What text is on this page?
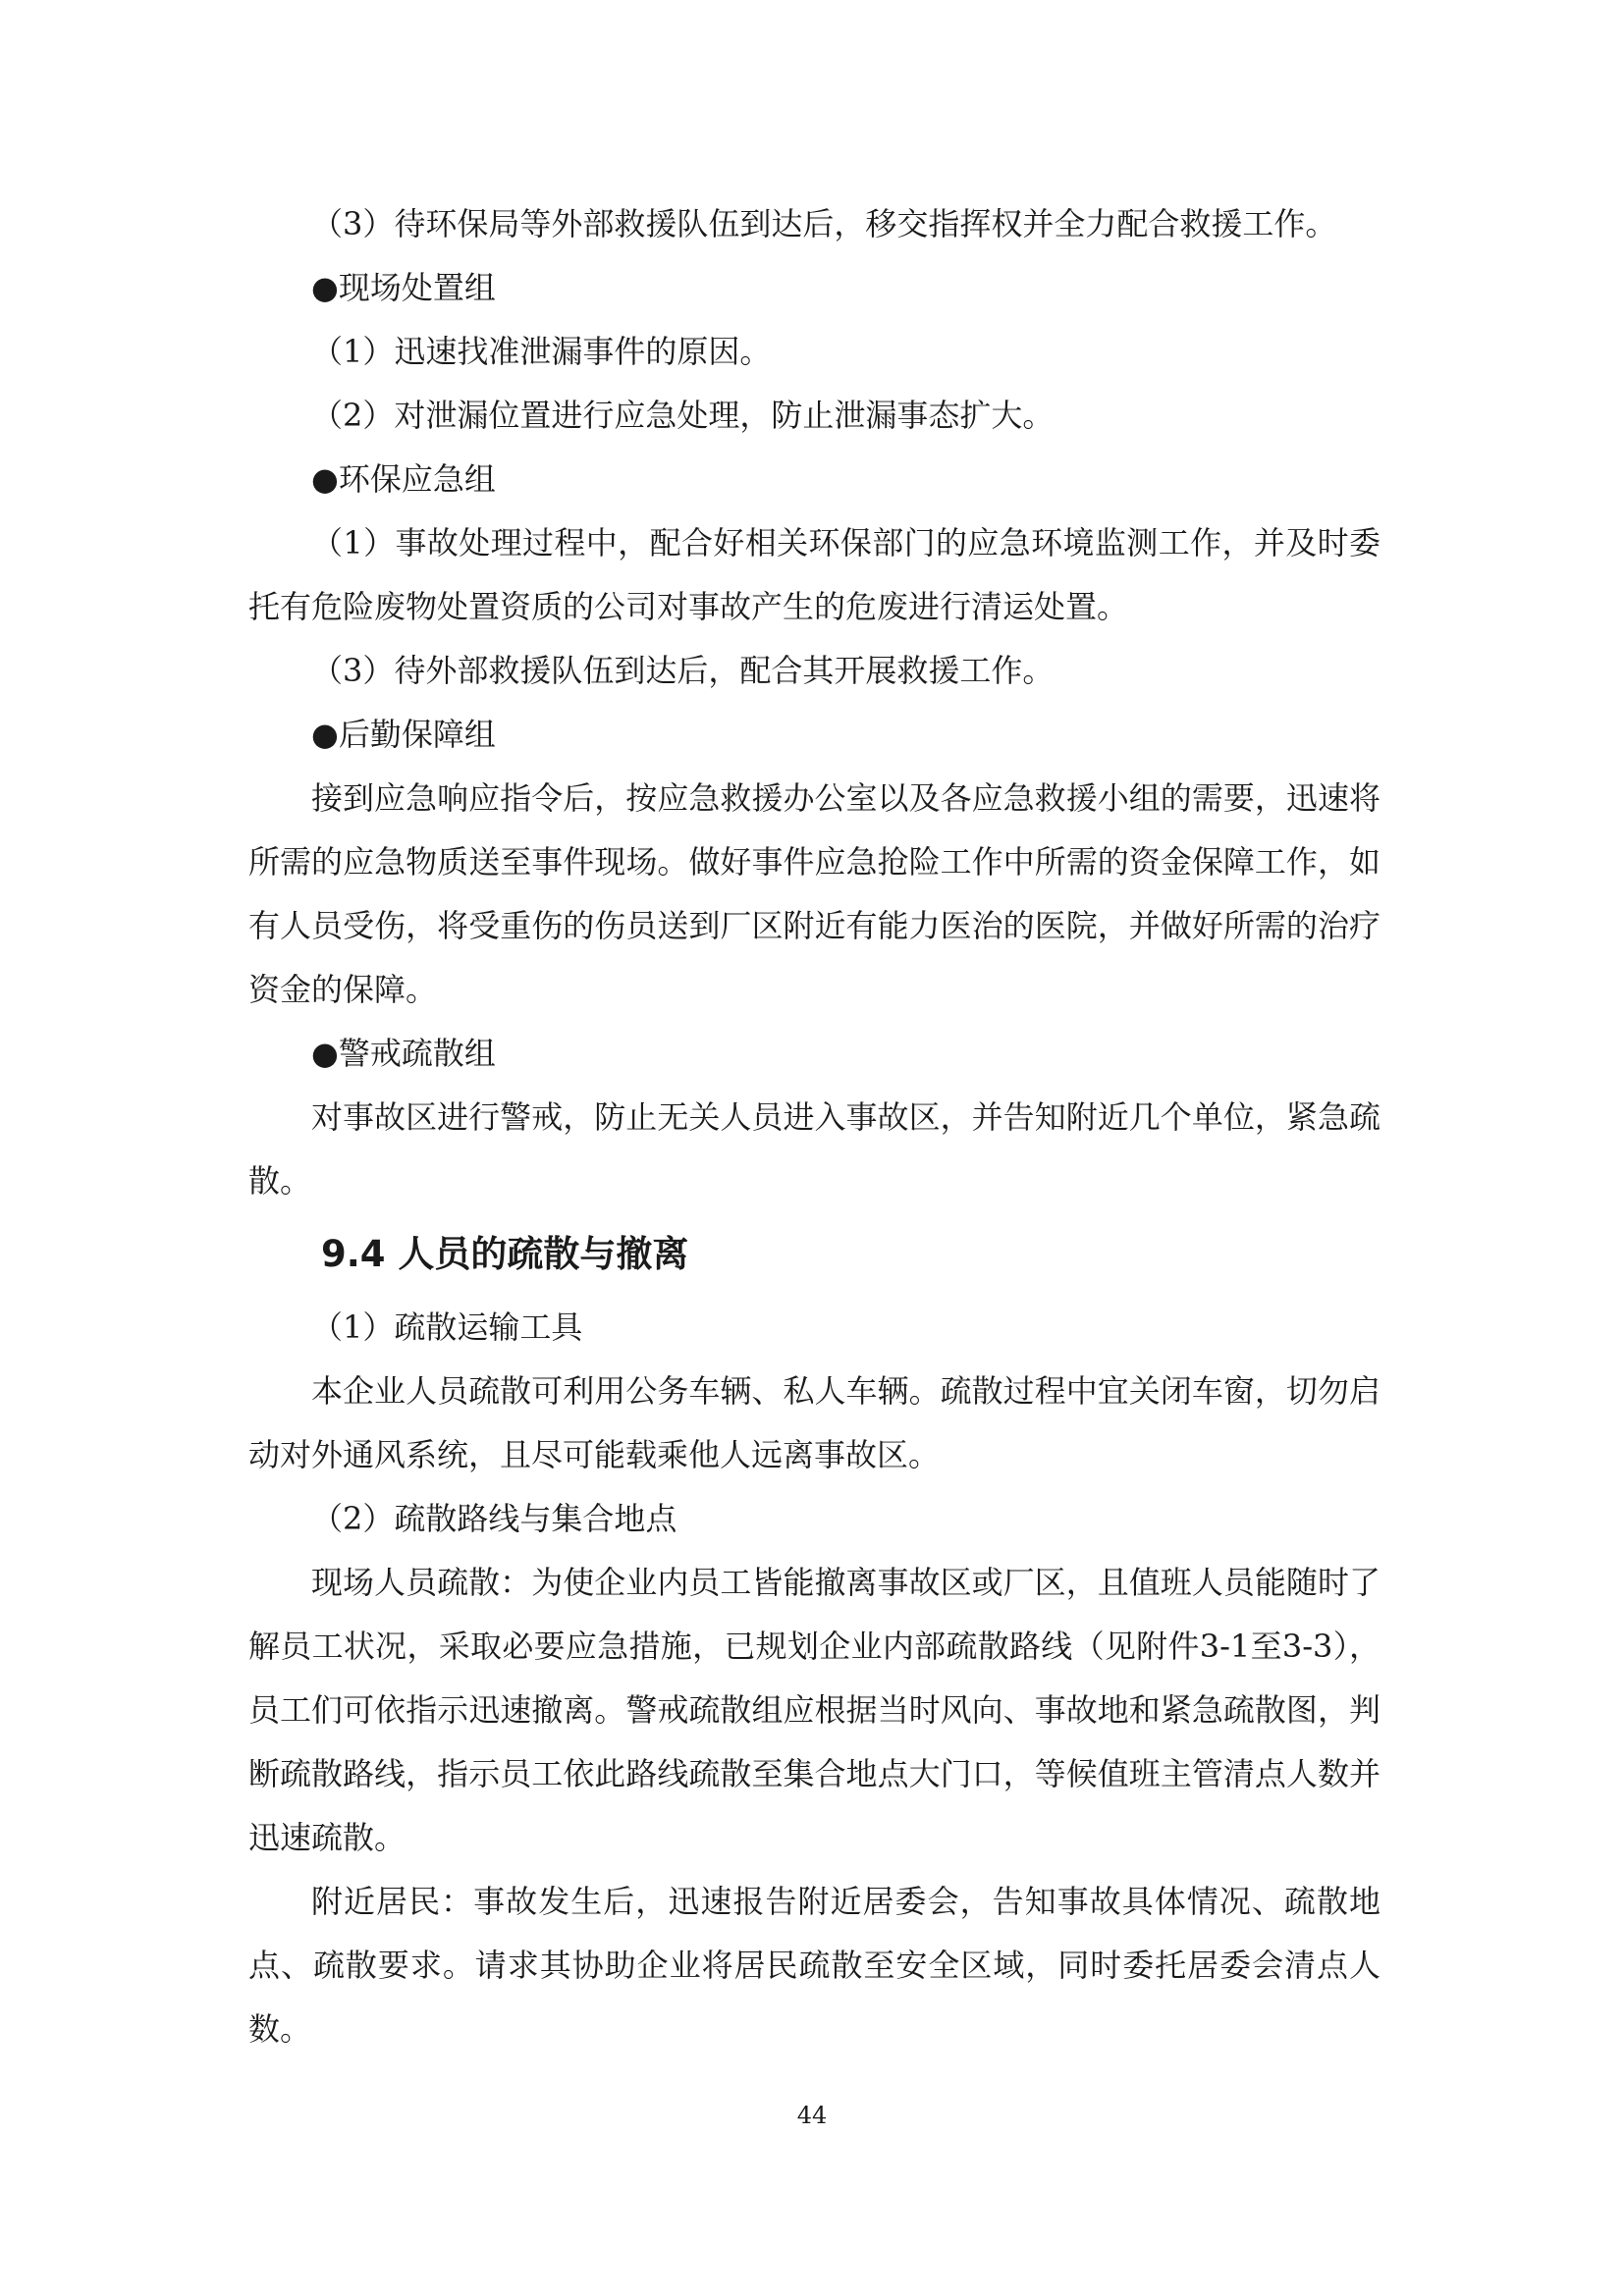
（3）待环保局等外部救援队伍到达后，移交指挥权并全力配合救援工作。

●现场处置组

（1）迅速找准泄漏事件的原因。

（2）对泄漏位置进行应急处理，防止泄漏事态扩大。

●环保应急组

（1）事故处理过程中，配合好相关环保部门的应急环境监测工作，并及时委托有危险废物处置资质的公司对事故产生的危废进行清运处置。

（3）待外部救援队伍到达后，配合其开展救援工作。

●后勤保障组

接到应急响应指令后，按应急救援办公室以及各应急救援小组的需要，迅速将所需的应急物质送至事件现场。做好事件应急抢险工作中所需的资金保障工作，如有人员受伤，将受重伤的伤员送到厂区附近有能力医治的医院，并做好所需的治疗资金的保障。

●警戒疏散组

对事故区进行警戒，防止无关人员进入事故区，并告知附近几个单位，紧急疏散。

9.4 人员的疏散与撤离

（1）疏散运输工具

本企业人员疏散可利用公务车辆、私人车辆。疏散过程中宜关闭车窗，切勿启动对外通风系统，且尽可能载乘他人远离事故区。

（2）疏散路线与集合地点

现场人员疏散：为使企业内员工皆能撤离事故区或厂区，且值班人员能随时了解员工状况，采取必要应急措施，已规划企业内部疏散路线（见附件3-1至3-3），员工们可依指示迅速撤离。警戒疏散组应根据当时风向、事故地和紧急疏散图，判断疏散路线，指示员工依此路线疏散至集合地点大门口，等候值班主管清点人数并迅速疏散。

附近居民：事故发生后，迅速报告附近居委会，告知事故具体情况、疏散地点、疏散要求。请求其协助企业将居民疏散至安全区域，同时委托居委会清点人数。

44
